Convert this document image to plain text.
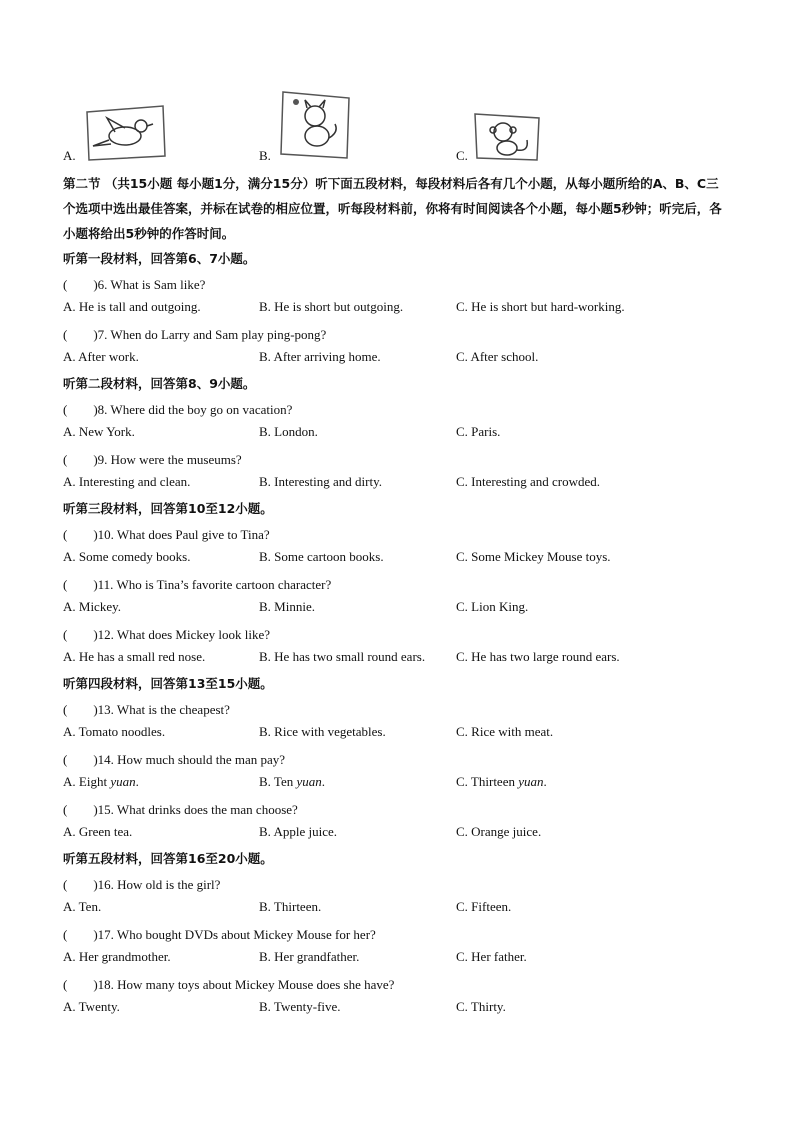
A.	B.	C.
第二节 （共15小题 每小题1分，满分15分）听下面五段材料，每段材料后各有几个小题，从每小题所给的A、B、C三个选项中选出最佳答案，并标在试卷的相应位置，听每段材料前，你将有时间阅读各个小题，每小题5秒钟；听完后，各小题将给出5秒钟的作答时间。
听第一段材料，回答第6、7小题。
(　　)6. What is Sam like?
A. He is tall and outgoing.	B. He is short but outgoing.	C. He is short but hard-working.
(　　)7. When do Larry and Sam play ping-pong?
A. After work.	B. After arriving home.	C. After school.
听第二段材料，回答第8、9小题。
(　　)8. Where did the boy go on vacation?
A. New York.	B. London.	C. Paris.
(　　)9. How were the museums?
A. Interesting and clean.	B. Interesting and dirty.	C. Interesting and crowded.
听第三段材料，回答第10至12小题。
(　　)10. What does Paul give to Tina?
A. Some comedy books.	B. Some cartoon books.	C. Some Mickey Mouse toys.
(　　)11. Who is Tina’s favorite cartoon character?
A. Mickey.	B. Minnie.	C. Lion King.
(　　)12. What does Mickey look like?
A. He has a small red nose.	B. He has two small round ears. C. He has two large round ears.
听第四段材料，回答第13至15小题。
(　　)13. What is the cheapest?
A. Tomato noodles.	B. Rice with vegetables.	C. Rice with meat.
(　　)14. How much should the man pay?
A. Eight yuan.	B. Ten yuan.	C. Thirteen yuan.
(　　)15. What drinks does the man choose?
A. Green tea.	B. Apple juice.	C. Orange juice.
听第五段材料，回答第16至20小题。
(　　)16. How old is the girl?
A. Ten.	B. Thirteen.	C. Fifteen.
(　　)17. Who bought DVDs about Mickey Mouse for her?
A. Her grandmother.	B. Her grandfather.	C. Her father.
(　　)18. How many toys about Mickey Mouse does she have?
A. Twenty.	B. Twenty-five.	C. Thirty.
